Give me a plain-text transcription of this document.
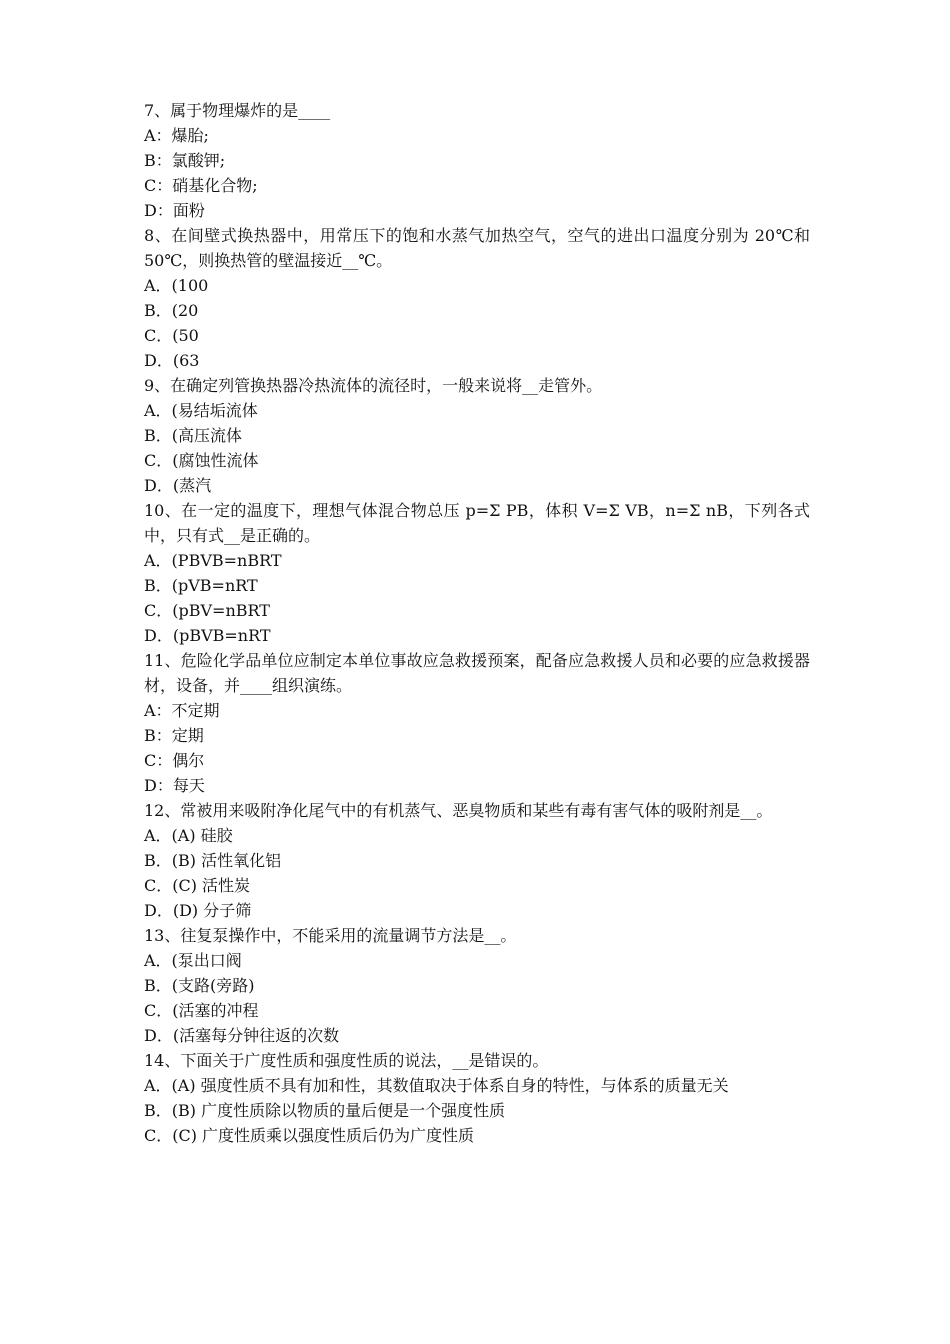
7、属于物理爆炸的是____
A：爆胎;
B：氯酸钾;
C：硝基化合物;
D：面粉
8、在间壁式换热器中，用常压下的饱和水蒸气加热空气，空气的进出口温度分别为 20℃和 50℃，则换热管的壁温接近__℃。
A．(100
B．(20
C．(50
D．(63
9、在确定列管换热器冷热流体的流径时，一般来说将__走管外。
A．(易结垢流体
B．(高压流体
C．(腐蚀性流体
D．(蒸汽
10、在一定的温度下，理想气体混合物总压 p=Σ PB，体积 V=Σ VB，n=Σ nB，下列各式中，只有式__是正确的。
A．(PBVB=nBRT
B．(pVB=nRT
C．(pBV=nBRT
D．(pBVB=nRT
11、危险化学品单位应制定本单位事故应急救援预案，配备应急救援人员和必要的应急救援器材，设备，并____组织演练。
A：不定期
B：定期
C：偶尔
D：每天
12、常被用来吸附净化尾气中的有机蒸气、恶臭物质和某些有毒有害气体的吸附剂是__。
A．(A) 硅胶
B．(B) 活性氧化铝
C．(C) 活性炭
D．(D) 分子筛
13、往复泵操作中，不能采用的流量调节方法是__。
A．(泵出口阀
B．(支路(旁路)
C．(活塞的冲程
D．(活塞每分钟往返的次数
14、下面关于广度性质和强度性质的说法，__是错误的。
A．(A) 强度性质不具有加和性，其数值取决于体系自身的特性，与体系的质量无关
B．(B) 广度性质除以物质的量后便是一个强度性质
C．(C) 广度性质乘以强度性质后仍为广度性质
